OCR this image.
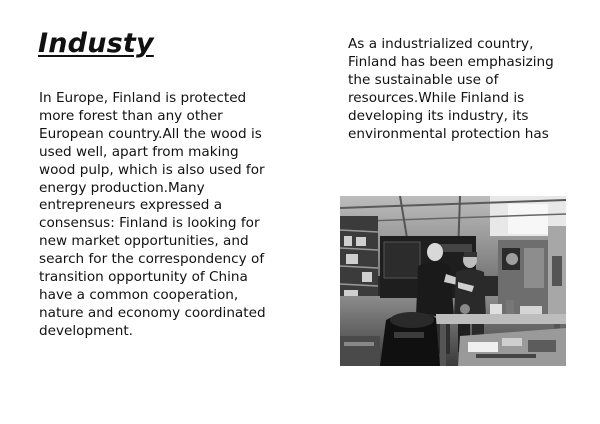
Industy

In Europe, Finland is protected more forest than any other European country.All the wood is used well, apart from making wood pulp, which is also used for energy production.Many entrepreneurs expressed a consensus: Finland is looking for new market opportunities, and search for the correspondency of transition opportunity of China have a common cooperation, nature and economy coordinated development.

As a industrialized country, Finland has been emphasizing the sustainable use of resources.While Finland is developing its industry, its environmental protection has
